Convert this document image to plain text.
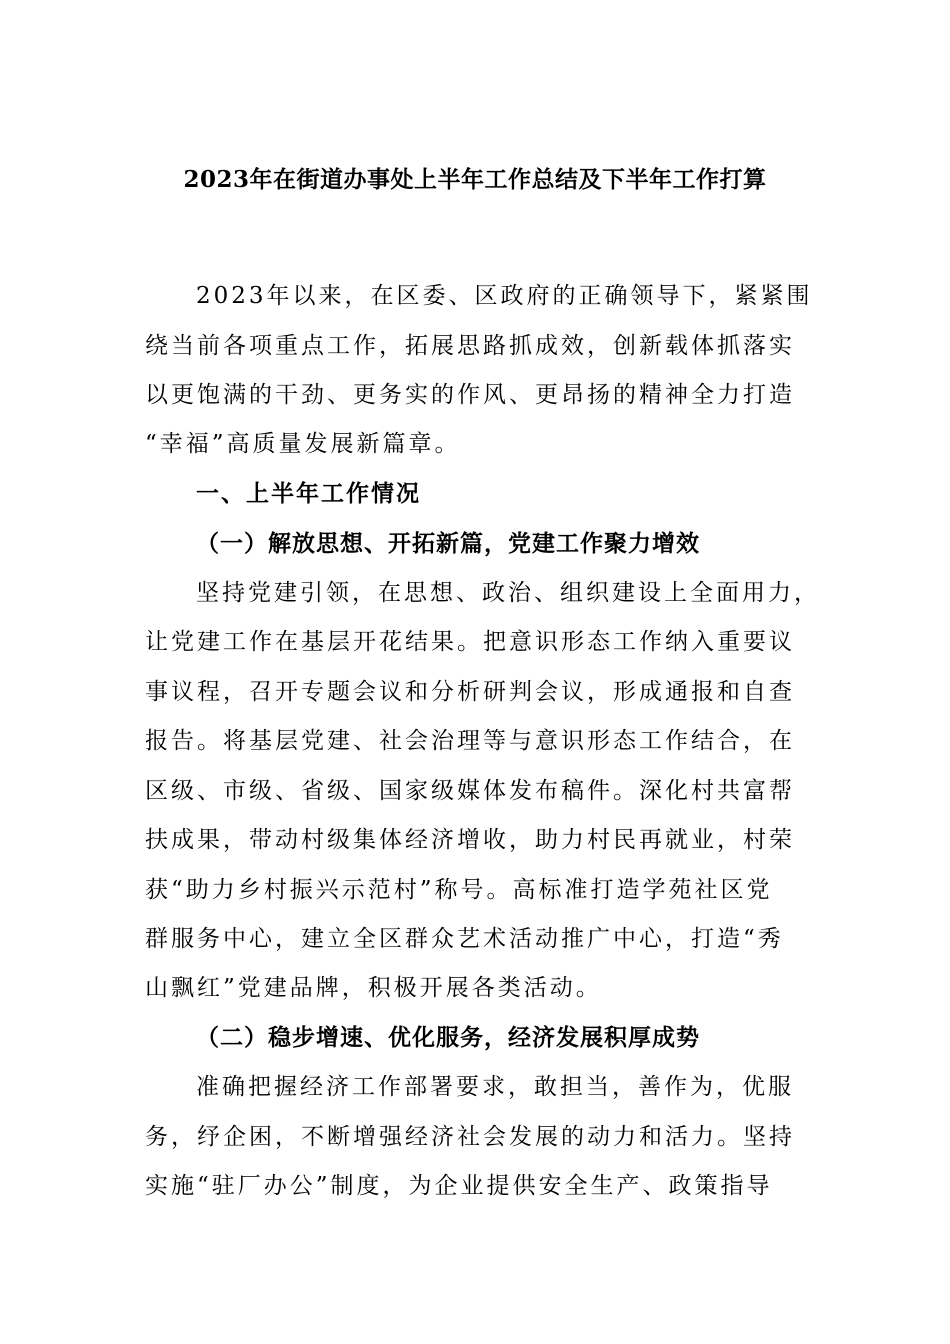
2023年在街道办事处上半年工作总结及下半年工作打算
2023年以来，在区委、区政府的正确领导下，紧紧围
绕当前各项重点工作，拓展思路抓成效，创新载体抓落实
以更饱满的干劲、更务实的作风、更昂扬的精神全力打造
“幸福”高质量发展新篇章。
一、上半年工作情况
（一）解放思想、开拓新篇，党建工作聚力增效
坚持党建引领，在思想、政治、组织建设上全面用力，
让党建工作在基层开花结果。把意识形态工作纳入重要议
事议程，召开专题会议和分析研判会议，形成通报和自查
报告。将基层党建、社会治理等与意识形态工作结合，在
区级、市级、省级、国家级媒体发布稿件。深化村共富帮
扶成果，带动村级集体经济增收，助力村民再就业，村荣
获“助力乡村振兴示范村”称号。高标准打造学苑社区党
群服务中心，建立全区群众艺术活动推广中心，打造“秀
山飘红”党建品牌，积极开展各类活动。
（二）稳步增速、优化服务，经济发展积厚成势
准确把握经济工作部署要求，敢担当，善作为，优服
务，纾企困，不断增强经济社会发展的动力和活力。坚持
实施“驻厂办公”制度，为企业提供安全生产、政策指导
